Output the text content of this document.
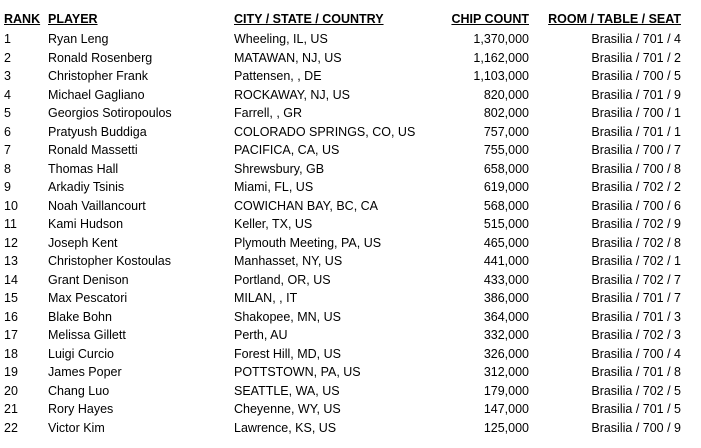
RANK	PLAYER	CITY / STATE / COUNTRY	CHIP COUNT	ROOM / TABLE / SEAT
1	Ryan Leng	Wheeling, IL, US	1,370,000	Brasilia / 701 / 4
2	Ronald Rosenberg	MATAWAN, NJ, US	1,162,000	Brasilia / 701 / 2
3	Christopher Frank	Pattensen, , DE	1,103,000	Brasilia / 700 / 5
4	Michael Gagliano	ROCKAWAY, NJ, US	820,000	Brasilia / 701 / 9
5	Georgios Sotiropoulos	Farrell, , GR	802,000	Brasilia / 700 / 1
6	Pratyush Buddiga	COLORADO SPRINGS, CO, US	757,000	Brasilia / 701 / 1
7	Ronald Massetti	PACIFICA, CA, US	755,000	Brasilia / 700 / 7
8	Thomas Hall	Shrewsbury, GB	658,000	Brasilia / 700 / 8
9	Arkadiy Tsinis	Miami, FL, US	619,000	Brasilia / 702 / 2
10	Noah Vaillancourt	COWICHAN BAY, BC, CA	568,000	Brasilia / 700 / 6
11	Kami Hudson	Keller, TX, US	515,000	Brasilia / 702 / 9
12	Joseph Kent	Plymouth Meeting, PA, US	465,000	Brasilia / 702 / 8
13	Christopher Kostoulas	Manhasset, NY, US	441,000	Brasilia / 702 / 1
14	Grant Denison	Portland, OR, US	433,000	Brasilia / 702 / 7
15	Max Pescatori	MILAN, , IT	386,000	Brasilia / 701 / 7
16	Blake Bohn	Shakopee, MN, US	364,000	Brasilia / 701 / 3
17	Melissa Gillett	Perth, AU	332,000	Brasilia / 702 / 3
18	Luigi Curcio	Forest Hill, MD, US	326,000	Brasilia / 700 / 4
19	James Poper	POTTSTOWN, PA, US	312,000	Brasilia / 701 / 8
20	Chang Luo	SEATTLE, WA, US	179,000	Brasilia / 702 / 5
21	Rory Hayes	Cheyenne, WY, US	147,000	Brasilia / 701 / 5
22	Victor Kim	Lawrence, KS, US	125,000	Brasilia / 700 / 9
